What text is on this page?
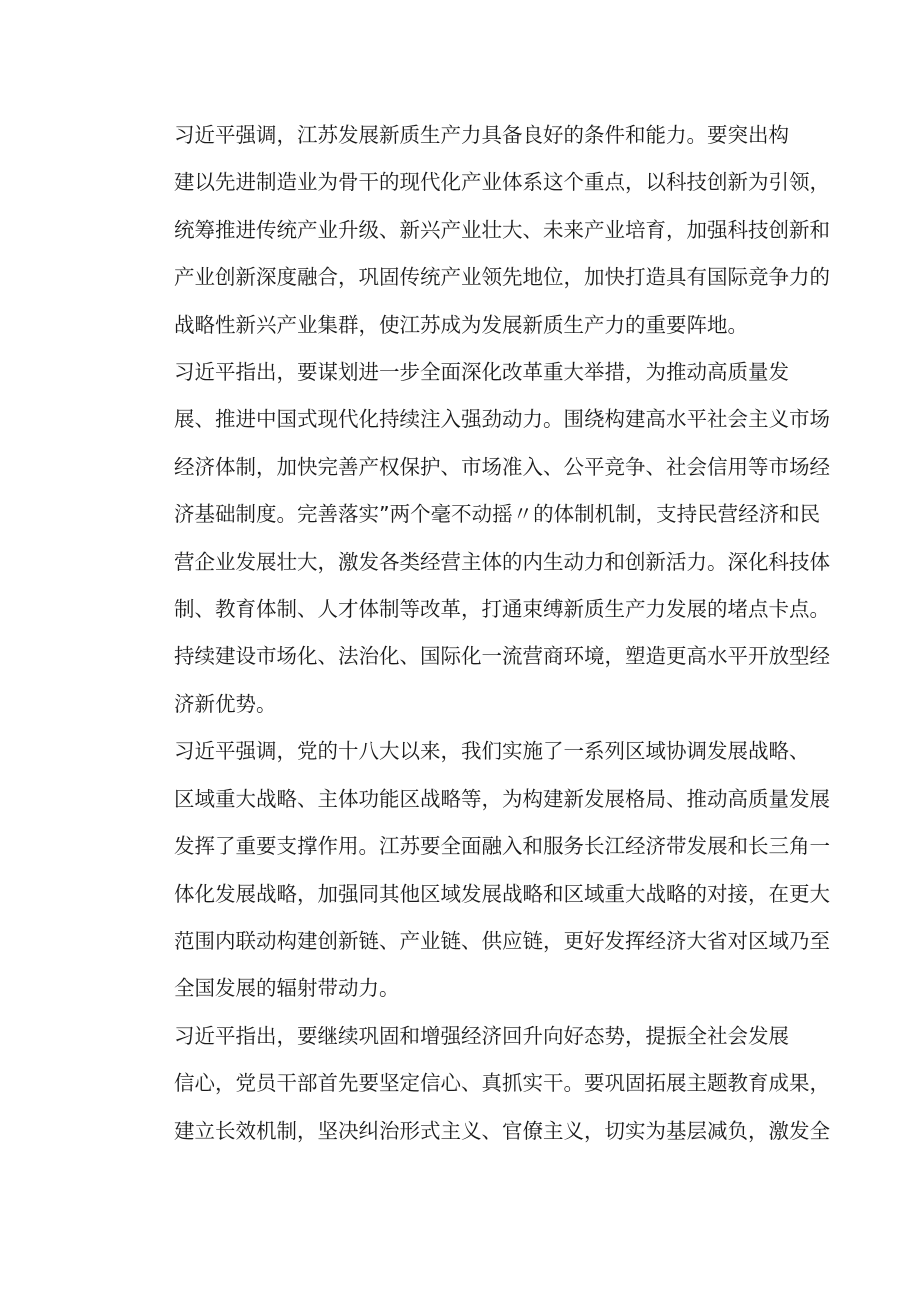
习近平强调，江苏发展新质生产力具备良好的条件和能力。要突出构
建以先进制造业为骨干的现代化产业体系这个重点，以科技创新为引领，
统筹推进传统产业升级、新兴产业壮大、未来产业培育，加强科技创新和
产业创新深度融合，巩固传统产业领先地位，加快打造具有国际竞争力的
战略性新兴产业集群，使江苏成为发展新质生产力的重要阵地。

习近平指出，要谋划进一步全面深化改革重大举措，为推动高质量发
展、推进中国式现代化持续注入强劲动力。围绕构建高水平社会主义市场
经济体制，加快完善产权保护、市场准入、公平竞争、社会信用等市场经
济基础制度。完善落实”两个毫不动摇〃的体制机制，支持民营经济和民
营企业发展壮大，激发各类经营主体的内生动力和创新活力。深化科技体
制、教育体制、人才体制等改革，打通束缚新质生产力发展的堵点卡点。
持续建设市场化、法治化、国际化一流营商环境，塑造更高水平开放型经
济新优势。

习近平强调，党的十八大以来，我们实施了一系列区域协调发展战略、
区域重大战略、主体功能区战略等，为构建新发展格局、推动高质量发展
发挥了重要支撑作用。江苏要全面融入和服务长江经济带发展和长三角一
体化发展战略，加强同其他区域发展战略和区域重大战略的对接，在更大
范围内联动构建创新链、产业链、供应链，更好发挥经济大省对区域乃至
全国发展的辐射带动力。

习近平指出，要继续巩固和增强经济回升向好态势，提振全社会发展
信心，党员干部首先要坚定信心、真抓实干。要巩固拓展主题教育成果，
建立长效机制，坚决纠治形式主义、官僚主义，切实为基层减负，激发全
